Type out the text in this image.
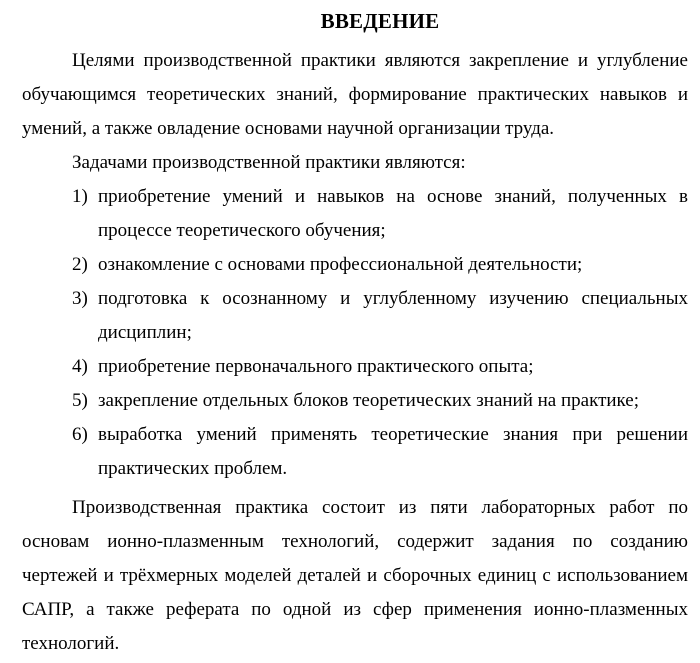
ВВЕДЕНИЕ

Целями производственной практики являются закрепление и углубление обучающимся теоретических знаний, формирование практических навыков и умений, а также овладение основами научной организации труда.

Задачами производственной практики являются:

1) приобретение умений и навыков на основе знаний, полученных в процессе теоретического обучения;
2) ознакомление с основами профессиональной деятельности;
3) подготовка к осознанному и углубленному изучению специальных дисциплин;
4) приобретение первоначального практического опыта;
5) закрепление отдельных блоков теоретических знаний на практике;
6) выработка умений применять теоретические знания при решении практических проблем.

Производственная практика состоит из пяти лабораторных работ по основам ионно-плазменным технологий, содержит задания по созданию чертежей и трёхмерных моделей деталей и сборочных единиц с использованием САПР, а также реферата по одной из сфер применения ионно-плазменных технологий.
